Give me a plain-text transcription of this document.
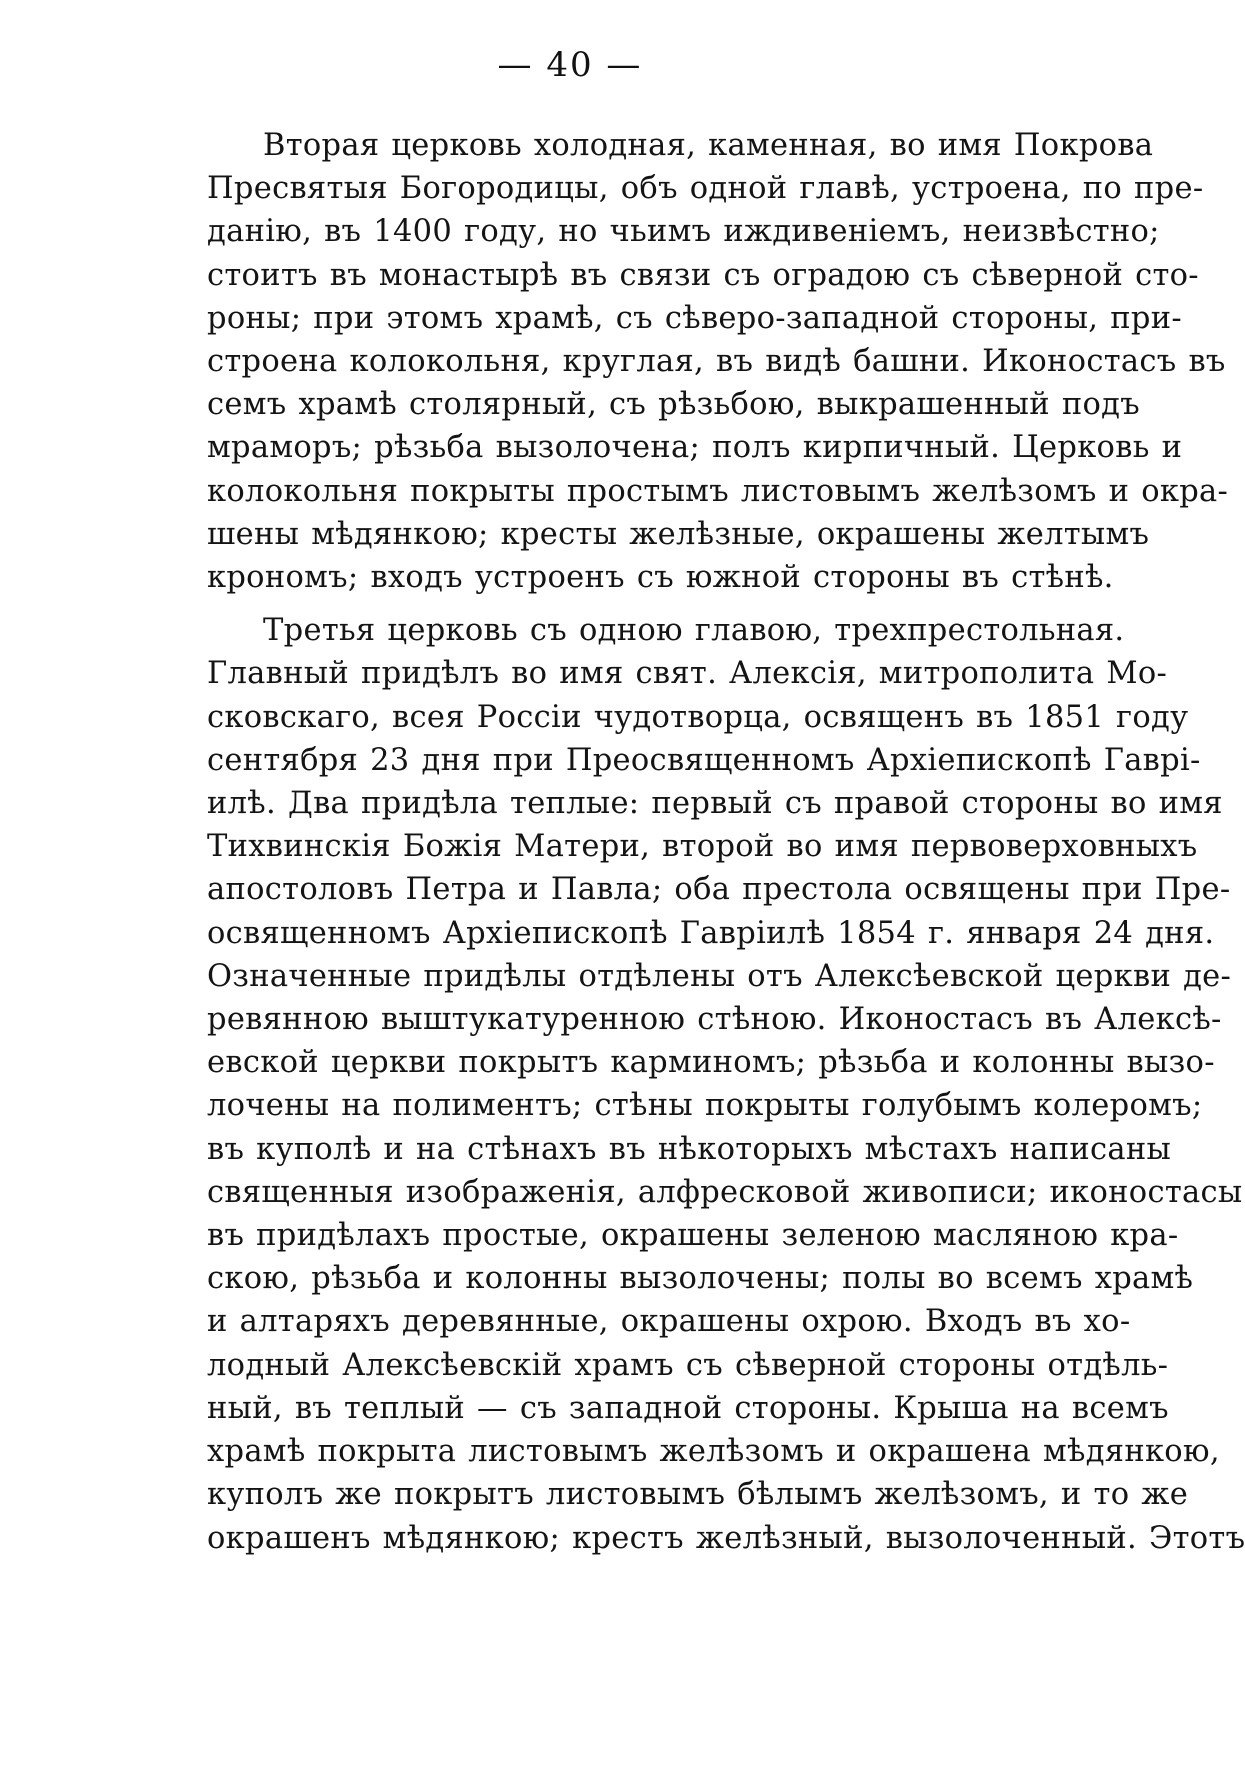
— 40 —
Вторая церковь холодная, каменная, во имя Покрова
Пресвятыя Богородицы, объ одной главѣ, устроена, по пре-
данію, въ 1400 году, но чьимъ иждивеніемъ, неизвѣстно;
стоитъ въ монастырѣ въ связи съ оградою съ сѣверной сто-
роны; при этомъ храмѣ, съ сѣверо-западной стороны, при-
строена колокольня, круглая, въ видѣ башни. Иконостасъ въ
семъ храмѣ столярный, съ рѣзьбою, выкрашенный подъ
мраморъ; рѣзьба вызолочена; полъ кирпичный. Церковь и
колокольня покрыты простымъ листовымъ желѣзомъ и окра-
шены мѣдянкою; кресты желѣзные, окрашены желтымъ
крономъ; входъ устроенъ съ южной стороны въ стѣнѣ.
Третья церковь съ одною главою, трехпрестольная.
Главный придѣлъ во имя свят. Алексія, митрополита Мо-
сковскаго, всея Россіи чудотворца, освященъ въ 1851 году
сентября 23 дня при Преосвященномъ Архіепископѣ Гаврі-
илѣ. Два придѣла теплые: первый съ правой стороны во имя
Тихвинскія Божія Матери, второй во имя первоверховныхъ
апостоловъ Петра и Павла; оба престола освящены при Пре-
освященномъ Архіепископѣ Гавріилѣ 1854 г. января 24 дня.
Означенные придѣлы отдѣлены отъ Алексѣевской церкви де-
ревянною выштукатуренною стѣною. Иконостасъ въ Алексѣ-
евской церкви покрытъ карминомъ; рѣзьба и колонны вызо-
лочены на полиментъ; стѣны покрыты голубымъ колеромъ;
въ куполѣ и на стѣнахъ въ нѣкоторыхъ мѣстахъ написаны
священныя изображенія, алфресковой живописи; иконостасы
въ придѣлахъ простые, окрашены зеленою масляною кра-
скою, рѣзьба и колонны вызолочены; полы во всемъ храмѣ
и алтаряхъ деревянные, окрашены охрою. Входъ въ хо-
лодный Алексѣевскій храмъ съ сѣверной стороны отдѣль-
ный, въ теплый — съ западной стороны. Крыша на всемъ
храмѣ покрыта листовымъ желѣзомъ и окрашена мѣдянкою,
куполъ же покрытъ листовымъ бѣлымъ желѣзомъ, и то же
окрашенъ мѣдянкою; крестъ желѣзный, вызолоченный. Этотъ
